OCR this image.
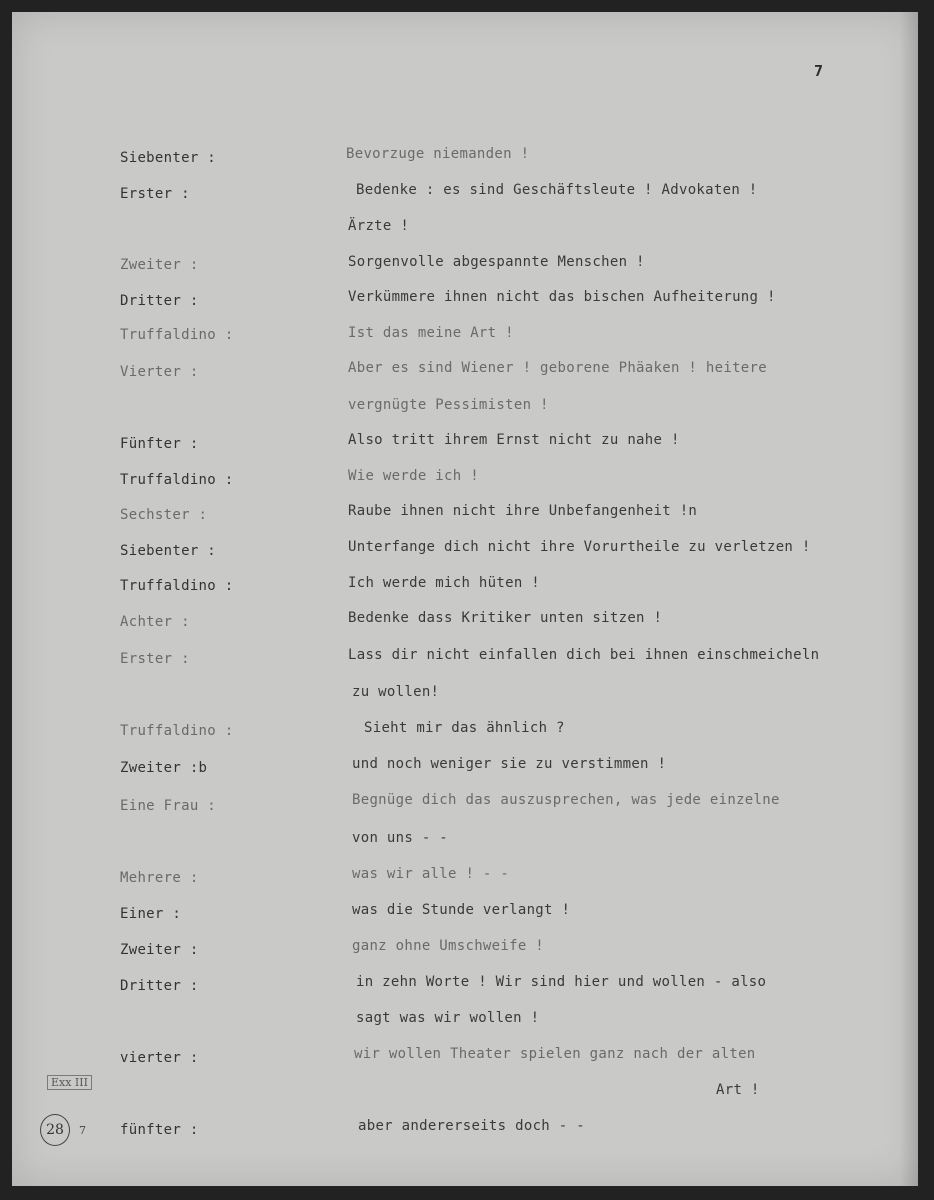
7
Siebenter :
Erster :
Zweiter :
Dritter :
Truffaldino :
Vierter :
Fünfter :
Truffaldino :
Sechster :
Siebenter :
Truffaldino :
Achter :
Erster :
Truffaldino :
Zweiter :b
Eine Frau :
Mehrere :
Einer :
Zweiter :
Dritter :
vierter :
fünfter :
Bevorzuge niemanden !
Bedenke : es sind Geschäftsleute ! Advokaten !
Ärzte !
Sorgenvolle abgespannte Menschen !
Verkümmere ihnen nicht das bischen Aufheiterung !
Ist das meine Art !
Aber es sind Wiener ! geborene Phäaken ! heitere
vergnügte Pessimisten !
Also tritt ihrem Ernst nicht zu nahe !
Wie werde ich !
Raube ihnen nicht ihre Unbefangenheit !n
Unterfange dich nicht ihre Vorurtheile zu verletzen !
Ich werde mich hüten !
Bedenke dass Kritiker unten sitzen !
Lass dir nicht einfallen dich bei ihnen einschmeicheln
zu wollen!
Sieht mir das ähnlich ?
und noch weniger sie zu verstimmen !
Begnüge dich das auszusprechen, was jede einzelne
von uns - -
was wir alle ! - -
was die Stunde verlangt !
ganz ohne Umschweife !
in zehn Worte ! Wir sind hier und wollen - also
sagt was wir wollen !
wir wollen Theater spielen ganz nach der alten
Art !
aber andererseits doch - -
Exx III
28	7
